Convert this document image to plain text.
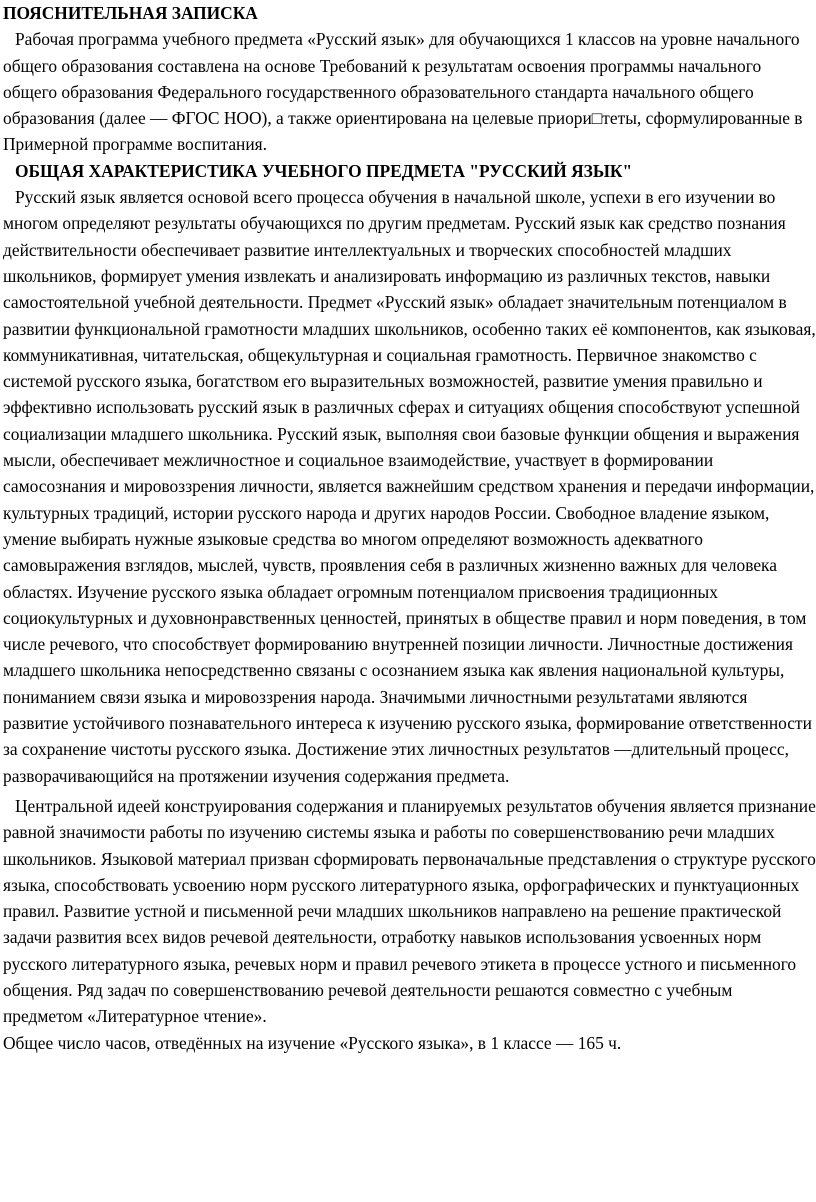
ПОЯСНИТЕЛЬНАЯ ЗАПИСКА

Рабочая программа учебного предмета «Русский язык» для обучающихся 1 классов на уровне начального общего образования составлена на основе Требований к результатам освоения программы начального общего образования Федерального государственного образовательного стандарта начального общего образования (далее — ФГОС НОО), а также ориентирована на целевые приори□теты, сформулированные в Примерной программе воспитания.

ОБЩАЯ ХАРАКТЕРИСТИКА УЧЕБНОГО ПРЕДМЕТА "РУССКИЙ ЯЗЫК"

Русский язык является основой всего процесса обучения в начальной школе, успехи в его изучении во многом определяют результаты обучающихся по другим предметам. Русский язык как средство познания действительности обеспечивает развитие интеллектуальных и творческих способностей младших школьников, формирует умения извлекать и анализировать информацию из различных текстов, навыки самостоятельной учебной деятельности. Предмет «Русский язык» обладает значительным потенциалом в развитии функциональной грамотности младших школьников, особенно таких её компонентов, как языковая, коммуникативная, читательская, общекультурная и социальная грамотность. Первичное знакомство с системой русского языка, богатством его выразительных возможностей, развитие умения правильно и эффективно использовать русский язык в различных сферах и ситуациях общения способствуют успешной социализации младшего школьника. Русский язык, выполняя свои базовые функции общения и выражения мысли, обеспечивает межличностное и социальное взаимодействие, участвует в формировании самосознания и мировоззрения личности, является важнейшим средством хранения и передачи информации, культурных традиций, истории русского народа и других народов России. Свободное владение языком, умение выбирать нужные языковые средства во многом определяют возможность адекватного самовыражения взглядов, мыслей, чувств, проявления себя в различных жизненно важных для человека областях. Изучение русского языка обладает огромным потенциалом присвоения традиционных социокультурных и духовнонравственных ценностей, принятых в обществе правил и норм поведения, в том числе речевого, что способствует формированию внутренней позиции личности. Личностные достижения младшего школьника непосредственно связаны с осознанием языка как явления национальной культуры, пониманием связи языка и мировоззрения народа. Значимыми личностными результатами являются развитие устойчивого познавательного интереса к изучению русского языка, формирование ответственности за сохранение чистоты русского языка. Достижение этих личностных результатов —длительный процесс, разворачивающийся на протяжении изучения содержания предмета.

Центральной идеей конструирования содержания и планируемых результатов обучения является признание равной значимости работы по изучению системы языка и работы по совершенствованию речи младших школьников. Языковой материал призван сформировать первоначальные представления о структуре русского языка, способствовать усвоению норм русского литературного языка, орфографических и пунктуационных правил. Развитие устной и письменной речи младших школьников направлено на решение практической задачи развития всех видов речевой деятельности, отработку навыков использования усвоенных норм русского литературного языка, речевых норм и правил речевого этикета в процессе устного и письменного общения. Ряд задач по совершенствованию речевой деятельности решаются совместно с учебным предметом «Литературное чтение».

Общее число часов, отведённых на изучение «Русского языка», в 1 классе — 165 ч.
